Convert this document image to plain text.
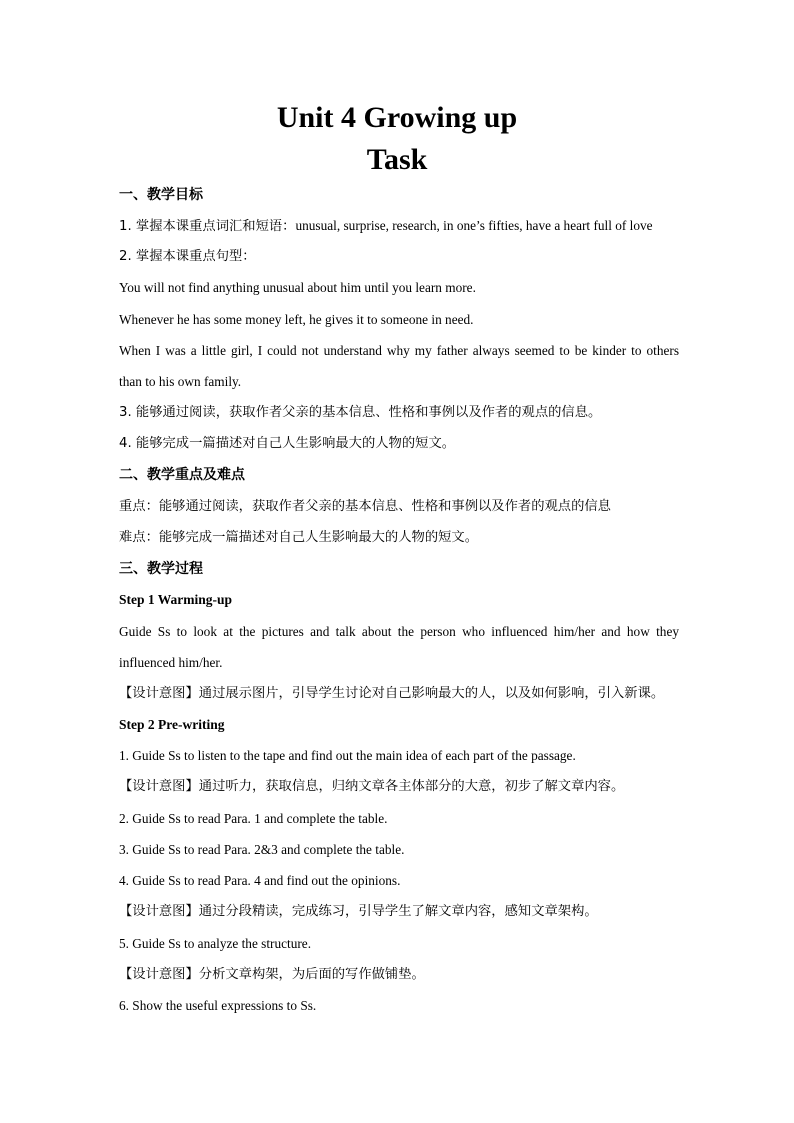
Unit 4 Growing up
Task
一、教学目标
1. 掌握本课重点词汇和短语：unusual, surprise, research, in one’s fifties, have a heart full of love
2. 掌握本课重点句型：
You will not find anything unusual about him until you learn more.
Whenever he has some money left, he gives it to someone in need.
When I was a little girl, I could not understand why my father always seemed to be kinder to others
than to his own family.
3. 能够通过阅读，获取作者父亲的基本信息、性格和事例以及作者的观点的信息。
4. 能够完成一篇描述对自己人生影响最大的人物的短文。
二、教学重点及难点
重点：能够通过阅读，获取作者父亲的基本信息、性格和事例以及作者的观点的信息
难点：能够完成一篇描述对自己人生影响最大的人物的短文。
三、教学过程
Step 1 Warming-up
Guide Ss to look at the pictures and talk about the person who influenced him/her and how they
influenced him/her.
【设计意图】通过展示图片，引导学生讨论对自己影响最大的人，以及如何影响，引入新课。
Step 2 Pre-writing
1. Guide Ss to listen to the tape and find out the main idea of each part of the passage.
【设计意图】通过听力，获取信息，归纳文章各主体部分的大意，初步了解文章内容。
2. Guide Ss to read Para. 1 and complete the table.
3. Guide Ss to read Para. 2&3 and complete the table.
4. Guide Ss to read Para. 4 and find out the opinions.
【设计意图】通过分段精读，完成练习，引导学生了解文章内容，感知文章架构。
5. Guide Ss to analyze the structure.
【设计意图】分析文章构架，为后面的写作做铺垫。
6. Show the useful expressions to Ss.
